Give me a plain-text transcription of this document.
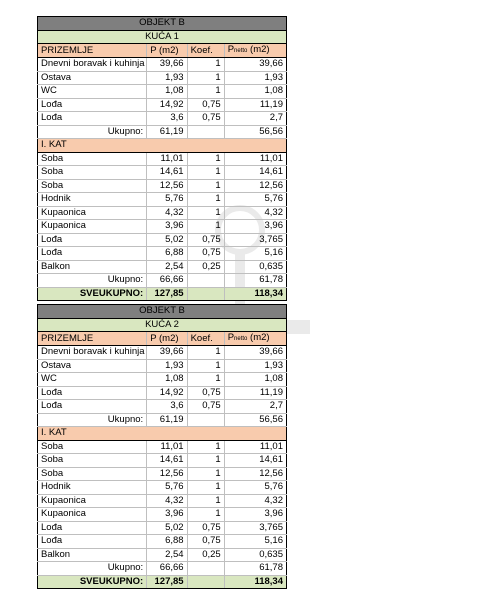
OBJEKT B			
KUĆA 1			
PRIZEMLJE	P (m2)	Koef.	Pnetto (m2)
Dnevni boravak i kuhinja	39,66	1	39,66
Ostava	1,93	1	1,93
WC	1,08	1	1,08
Lođa	14,92	0,75	11,19
Lođa	3,6	0,75	2,7
Ukupno:	61,19		56,56
I. KAT			
Soba	11,01	1	11,01
Soba	14,61	1	14,61
Soba	12,56	1	12,56
Hodnik	5,76	1	5,76
Kupaonica	4,32	1	4,32
Kupaonica	3,96	1	3,96
Lođa	5,02	0,75	3,765
Lođa	6,88	0,75	5,16
Balkon	2,54	0,25	0,635
Ukupno:	66,66		61,78
SVEUKUPNO:	127,85		118,34
OBJEKT B			
KUĆA 2			
PRIZEMLJE	P (m2)	Koef.	Pnetto (m2)
Dnevni boravak i kuhinja	39,66	1	39,66
Ostava	1,93	1	1,93
WC	1,08	1	1,08
Lođa	14,92	0,75	11,19
Lođa	3,6	0,75	2,7
Ukupno:	61,19		56,56
I. KAT			
Soba	11,01	1	11,01
Soba	14,61	1	14,61
Soba	12,56	1	12,56
Hodnik	5,76	1	5,76
Kupaonica	4,32	1	4,32
Kupaonica	3,96	1	3,96
Lođa	5,02	0,75	3,765
Lođa	6,88	0,75	5,16
Balkon	2,54	0,25	0,635
Ukupno:	66,66		61,78
SVEUKUPNO:	127,85		118,34
